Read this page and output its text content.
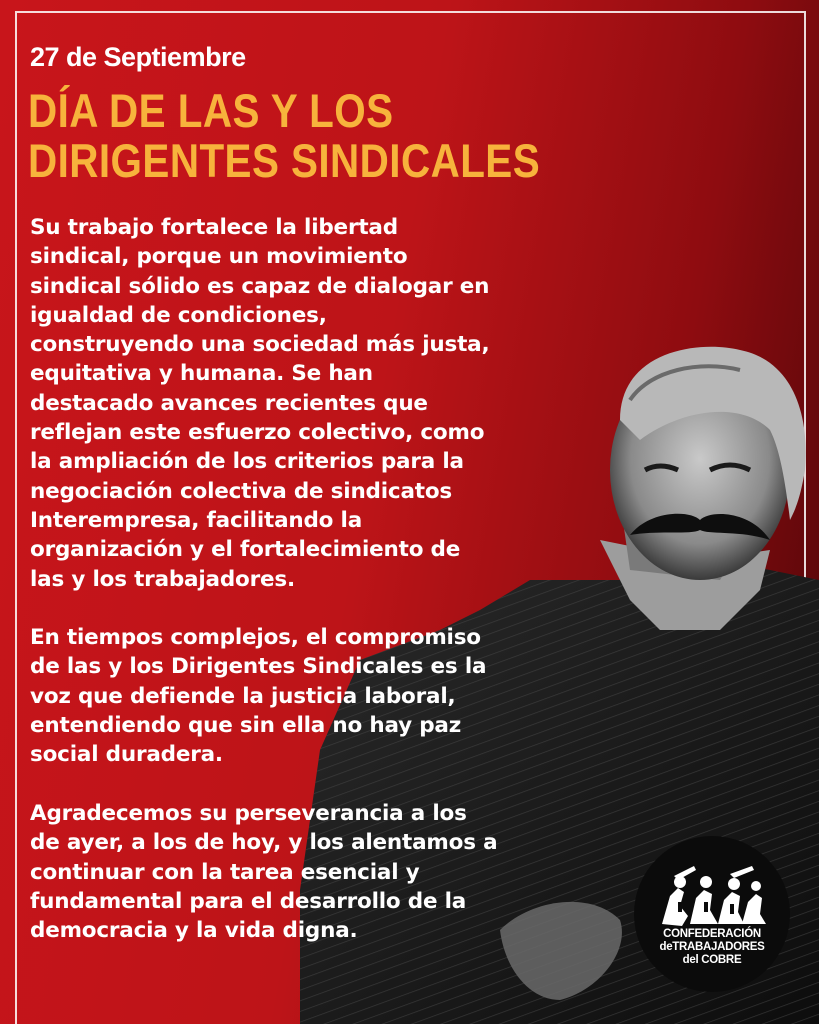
27 de Septiembre
DÍA DE LAS Y LOS
DIRIGENTES SINDICALES
Su trabajo fortalece la libertad
sindical, porque un movimiento
sindical sólido es capaz de dialogar en
igualdad de condiciones,
construyendo una sociedad más justa,
equitativa y humana. Se han
destacado avances recientes que
reflejan este esfuerzo colectivo, como
la ampliación de los criterios para la
negociación colectiva de sindicatos
Interempresa, facilitando la
organización y el fortalecimiento de
las y los trabajadores.
En tiempos complejos, el compromiso
de las y los Dirigentes Sindicales es la
voz que defiende la justicia laboral,
entendiendo que sin ella no hay paz
social duradera.
Agradecemos su perseverancia a los
de ayer, a los de hoy, y los alentamos a
continuar con la tarea esencial y
fundamental para el desarrollo de la
democracia y la vida digna.	CONFEDERACIÓN
deTRABAJADORES
del COBRE
